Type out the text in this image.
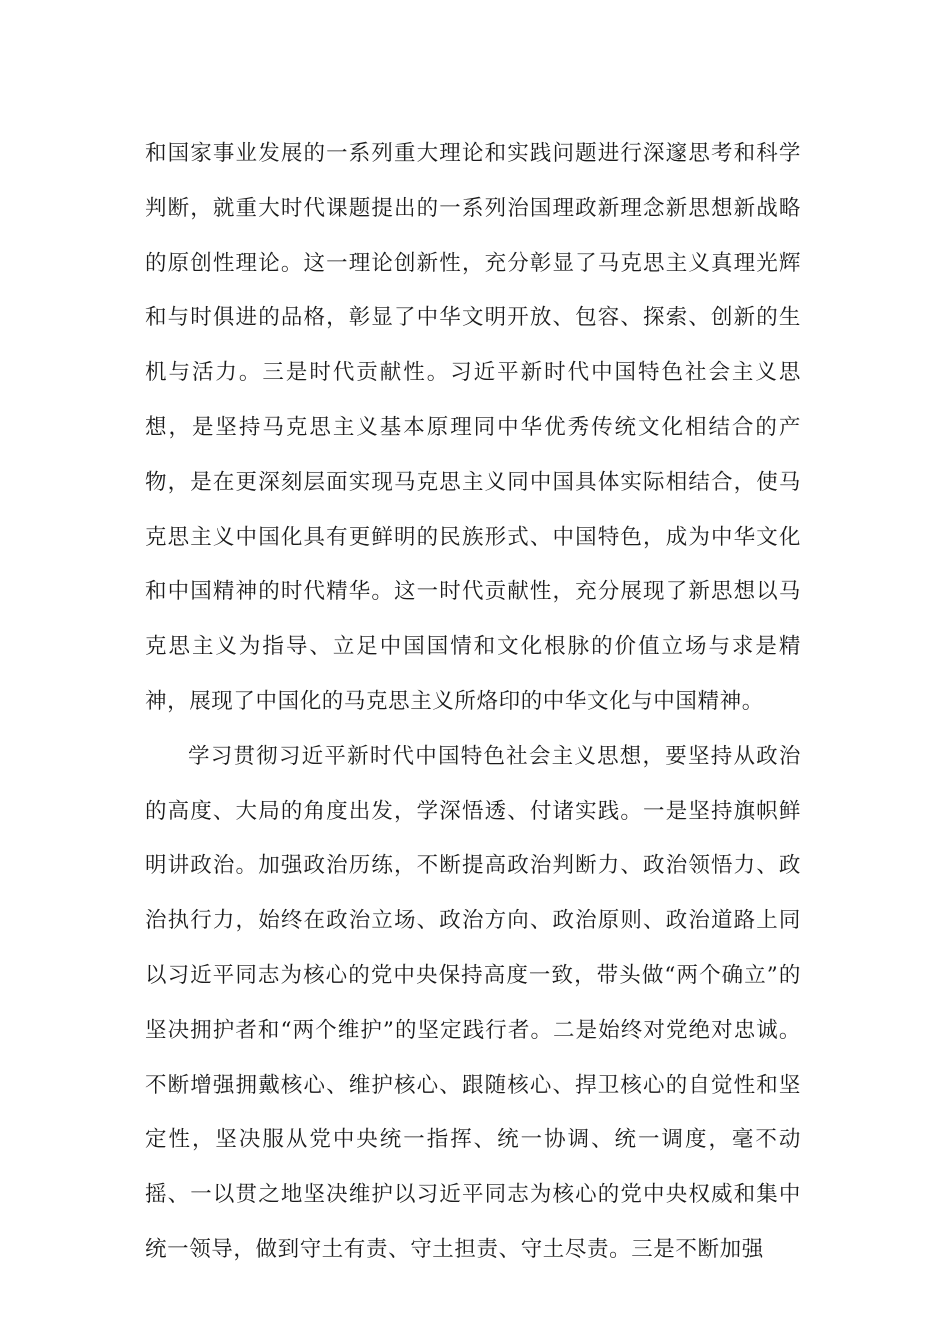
和国家事业发展的一系列重大理论和实践问题进行深邃思考和科学判断，就重大时代课题提出的一系列治国理政新理念新思想新战略的原创性理论。这一理论创新性，充分彰显了马克思主义真理光辉和与时俱进的品格，彰显了中华文明开放、包容、探索、创新的生机与活力。三是时代贡献性。习近平新时代中国特色社会主义思想，是坚持马克思主义基本原理同中华优秀传统文化相结合的产物，是在更深刻层面实现马克思主义同中国具体实际相结合，使马克思主义中国化具有更鲜明的民族形式、中国特色，成为中华文化和中国精神的时代精华。这一时代贡献性，充分展现了新思想以马克思主义为指导、立足中国国情和文化根脉的价值立场与求是精神，展现了中国化的马克思主义所烙印的中华文化与中国精神。

学习贯彻习近平新时代中国特色社会主义思想，要坚持从政治的高度、大局的角度出发，学深悟透、付诸实践。一是坚持旗帜鲜明讲政治。加强政治历练，不断提高政治判断力、政治领悟力、政治执行力，始终在政治立场、政治方向、政治原则、政治道路上同以习近平同志为核心的党中央保持高度一致，带头做“两个确立”的坚决拥护者和“两个维护”的坚定践行者。二是始终对党绝对忠诚。不断增强拥戴核心、维护核心、跟随核心、捍卫核心的自觉性和坚定性，坚决服从党中央统一指挥、统一协调、统一调度，毫不动摇、一以贯之地坚决维护以习近平同志为核心的党中央权威和集中统一领导，做到守土有责、守土担责、守土尽责。三是不断加强
